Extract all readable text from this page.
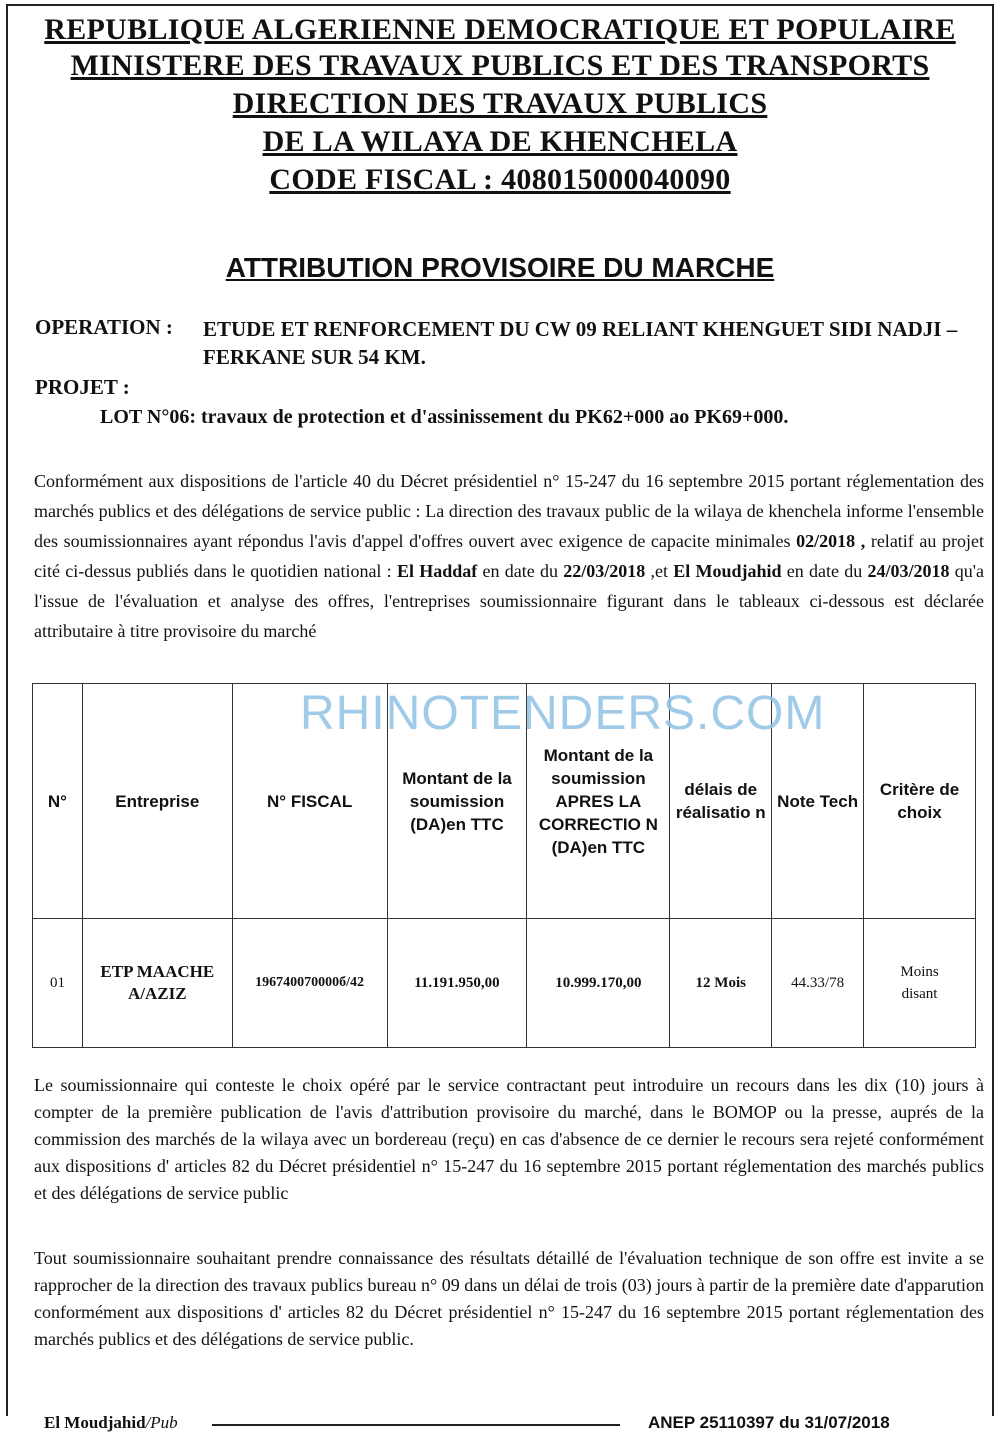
REPUBLIQUE ALGERIENNE DEMOCRATIQUE ET POPULAIRE
MINISTERE DES TRAVAUX PUBLICS ET DES TRANSPORTS
DIRECTION DES TRAVAUX PUBLICS
DE LA WILAYA DE KHENCHELA
CODE FISCAL : 408015000040090
ATTRIBUTION PROVISOIRE DU MARCHE
OPERATION : ETUDE ET RENFORCEMENT DU CW 09 RELIANT KHENGUET SIDI NADJI – FERKANE SUR 54 KM.
PROJET :
LOT N°06: travaux de protection et d'assinissement du PK62+000 ao PK69+000.
Conformément aux dispositions de l'article 40 du Décret présidentiel n° 15-247 du 16 septembre 2015 portant réglementation des marchés publics et des délégations de service public : La direction des travaux public de la wilaya de khenchela informe l'ensemble des soumissionnaires ayant répondus l'avis d'appel d'offres ouvert avec exigence de capacite minimales 02/2018 , relatif au projet cité ci-dessus publiés dans le quotidien national : El Haddaf en date du 22/03/2018 ,et El Moudjahid en date du 24/03/2018 qu'a l'issue de l'évaluation et analyse des offres, l'entreprises soumissionnaire figurant dans le tableaux ci-dessous est déclarée attributaire à titre provisoire du marché
N°	Entreprise	N° FISCAL	Montant de la soumission (DA)en TTC	Montant de la soumission APRES LA CORRECTIO N (DA)en TTC	délais de réalisatio n	Note Tech	Critère de choix
01	ETP MAACHE A/AZIZ	196740070000б/42	11.191.950,00	10.999.170,00	12 Mois	44.33/78	Moins disant
RHINOTENDERS.COM
Le soumissionnaire qui conteste le choix opéré par le service contractant peut introduire un recours dans les dix (10) jours à compter de la première publication de l'avis d'attribution provisoire du marché, dans le BOMOP ou la presse, auprés de la commission des marchés de la wilaya avec un bordereau (reçu) en cas d'absence de ce dernier le recours sera rejeté conformément aux dispositions d' articles 82 du Décret présidentiel n° 15-247 du 16 septembre 2015 portant réglementation des marchés publics et des délégations de service public
Tout soumissionnaire souhaitant prendre connaissance des résultats détaillé de l'évaluation technique de son offre est invite a se rapprocher de la direction des travaux publics bureau n° 09 dans un délai de trois (03) jours à partir de la première date d'apparution conformément aux dispositions d' articles 82 du Décret présidentiel n° 15-247 du 16 septembre 2015 portant réglementation des marchés publics et des délégations de service public.
El Moudjahid/Pub	ANEP 25110397 du 31/07/2018
